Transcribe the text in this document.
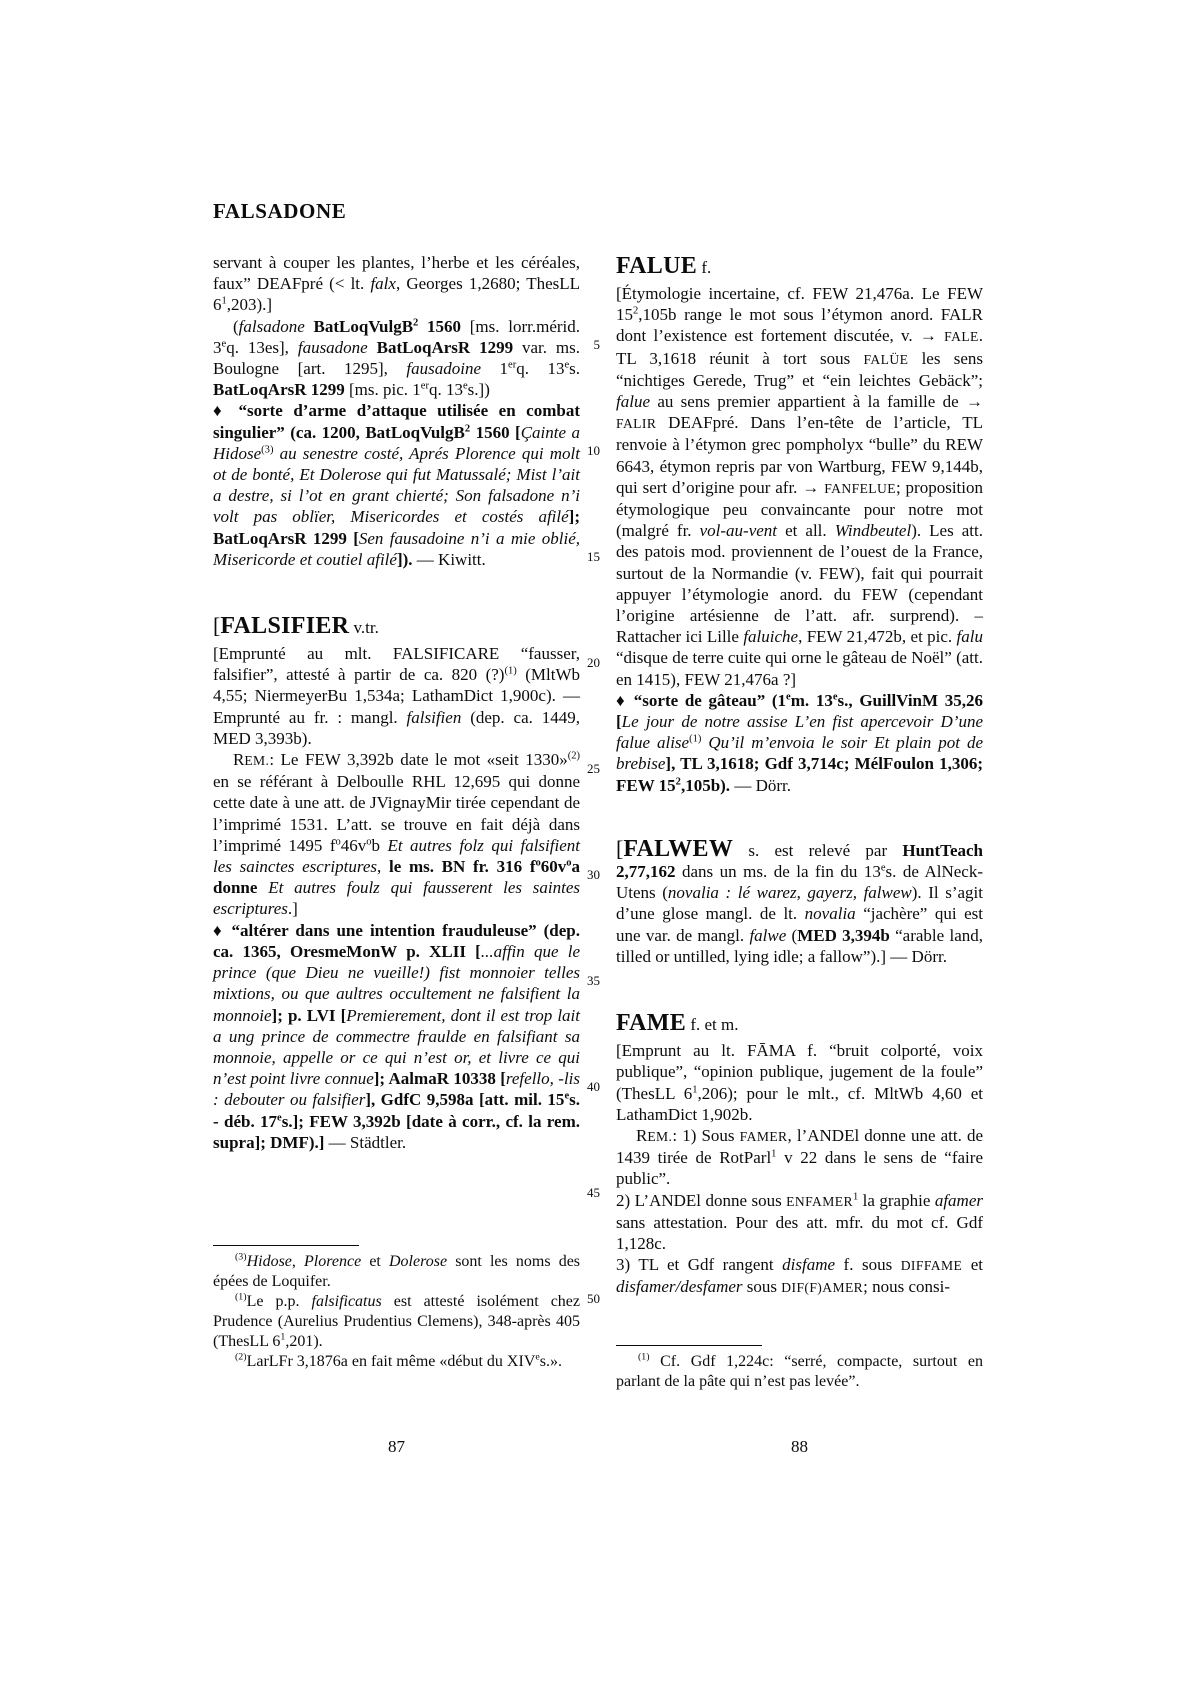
FALSADONE
5
10
15
20
25
30
35
40
45
50
servant à couper les plantes, l’herbe et les céréales, faux” DEAFpré (< lt. falx, Georges 1,2680; ThesLL $6^1,203$).]
(falsadone BatLoqVulgB$^2$ 1560 [ms. lorr.mérid. 3eq. 13es], fausadone BatLoqArsR 1299 var. ms. Boulogne [art. 1295], fausadoine 1erq. 13es. BatLoqArsR 1299 [ms. pic. 1erq. 13es.])
♦ “sorte d’arme d’attaque utilisée en combat singulier” (ca. 1200, BatLoqVulgB$^2$ 1560 [Çainte a Hidose$^{(3)}$ au senestre costé, Aprés Plorence qui molt ot de bonté, Et Dolerose qui fut Matussalé; Mist l’ait a destre, si l’ot en grant chierté; Son falsadone n’i volt pas oblïer, Misericordes et costés afilé]; BatLoqArsR 1299 [Sen fausadoine n’i a mie oblié, Misericorde et coutiel afilé]). — Kiwitt.
[FALSIFIER v.tr.
[Emprunté au mlt. FALSIFICARE “fausser, falsifier”, attesté à partir de ca. 820 (?)$^{(1)}$ (MltWb 4,55; NiermeyerBu 1,534a; LathamDict 1,900c). — Emprunté au fr. : mangl. falsifien (dep. ca. 1449, MED 3,393b).
REM.: Le FEW 3,392b date le mot «seit 1330»$^{(2)}$ en se référant à Delboulle RHL 12,695 qui donne cette date à une att. de JVignayMir tirée cependant de l’imprimé 1531. L’att. se trouve en fait déjà dans l’imprimé 1495 $f^o46v^ob$ Et autres folz qui falsifient les sainctes escriptures, le ms. BN fr. 316 $f^o60v^oa$ donne Et autres foulz qui fausserent les saintes escriptures.]
♦ “altérer dans une intention frauduleuse” (dep. ca. 1365, OresmeMonW p. XLII [...affin que le prince (que Dieu ne vueille!) fist monnoier telles mixtions, ou que aultres occultement ne falsifient la monnoie]; p. LVI [Premierement, dont il est trop lait a ung prince de commectre fraulde en falsifiant sa monnoie, appelle or ce qui n’est or, et livre ce qui n’est point livre connue]; AalmaR 10338 [refello, -lis : debouter ou falsifier], GdfC 9,598a [att. mil. 15es. - déb. 17es.]; FEW 3,392b [date à corr., cf. la rem. supra]; DMF).] — Städtler.
FALUE f.
[Étymologie incertaine, cf. FEW 21,476a. Le FEW $15^2,105b$ range le mot sous l’étymon anord. FALR dont l’existence est fortement discutée, v. → FALE. TL 3,1618 réunit à tort sous FALÜE les sens “nichtiges Gerede, Trug” et “ein leichtes Gebäck”; falue au sens premier appartient à la famille de → FALIR DEAFpré. Dans l’en-tête de l’article, TL renvoie à l’étymon grec pompholyx “bulle” du REW 6643, étymon repris par von Wartburg, FEW 9,144b, qui sert d’origine pour afr. → FANFELUE; proposition étymologique peu convaincante pour notre mot (malgré fr. vol-au-vent et all. Windbeutel). Les att. des patois mod. proviennent de l’ouest de la France, surtout de la Normandie (v. FEW), fait qui pourrait appuyer l’étymologie anord. du FEW (cependant l’origine artésienne de l’att. afr. surprend). – Rattacher ici Lille faluiche, FEW 21,472b, et pic. falu “disque de terre cuite qui orne le gâteau de Noël” (att. en 1415), FEW 21,476a ?]
♦ “sorte de gâteau” (1em. 13es., GuillVinM 35,26 [Le jour de notre assise L’en fist apercevoir D’une falue alise$^{(1)}$ Qu’il m’envoia le soir Et plain pot de brebise], TL 3,1618; Gdf 3,714c; MélFoulon 1,306; FEW $15^2,105b$). — Dörr.
[FALWEW s. est relevé par HuntTeach 2,77,162 dans un ms. de la fin du 13es. de AlNeck-Utens (novalia : lé warez, gayerz, falwew). Il s’agit d’une glose mangl. de lt. novalia “jachère” qui est une var. de mangl. falwe (MED 3,394b “arable land, tilled or untilled, lying idle; a fallow”).] — Dörr.
FAME f. et m.
[Emprunt au lt. FĀMA f. “bruit colporté, voix publique”, “opinion publique, jugement de la foule” (ThesLL $6^1,206$); pour le mlt., cf. MltWb 4,60 et LathamDict 1,902b.
REM.: 1) Sous FAMER, l’ANDEl donne une att. de 1439 tirée de RotParl$^1$ v 22 dans le sens de “faire public”.
2) L’ANDEl donne sous ENFAMER$^1$ la graphie afamer sans attestation. Pour des att. mfr. du mot cf. Gdf 1,128c.
3) TL et Gdf rangent disfame f. sous DIFFAME et disfamer/desfamer sous DIF(F)AMER; nous consi-
$^{(3)}$Hidose, Plorence et Dolerose sont les noms des épées de Loquifer.
$^{(1)}$Le p.p. falsificatus est attesté isolément chez Prudence (Aurelius Prudentius Clemens), 348-après 405 (ThesLL $6^1,201$).
$^{(2)}$LarLFr 3,1876a en fait même «début du XIVes.».	$^{(1)}$ Cf. Gdf 1,224c: “serré, compacte, surtout en parlant de la pâte qui n’est pas levée”.
87	88
